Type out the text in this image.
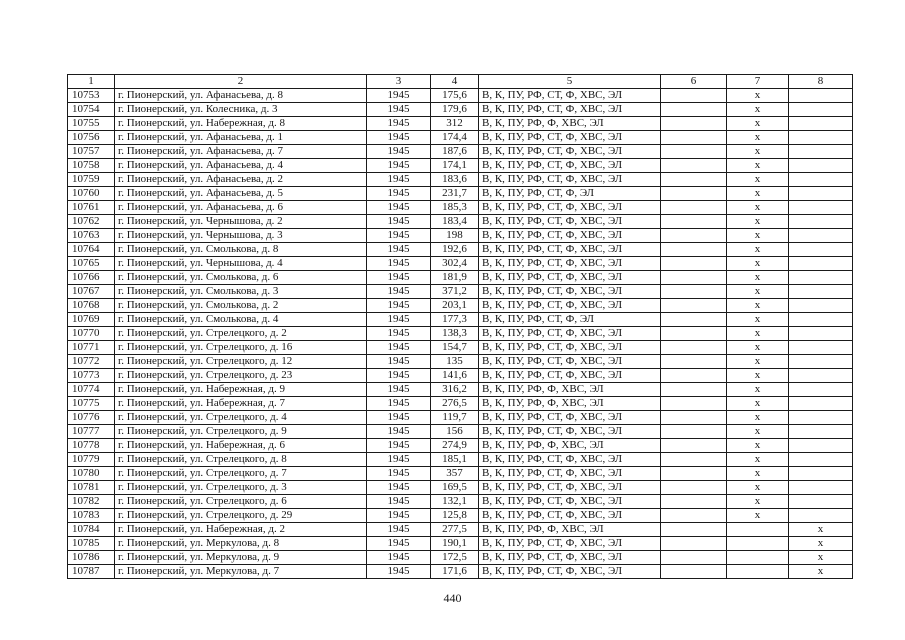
1	2	3	4	5	6	7	8
10753	г. Пионерский, ул. Афанасьева, д. 8	1945	175,6	В, К, ПУ, РФ, СТ, Ф, ХВС, ЭЛ		х	
10754	г. Пионерский, ул. Колесника, д. 3	1945	179,6	В, К, ПУ, РФ, СТ, Ф, ХВС, ЭЛ		х	
10755	г. Пионерский, ул. Набережная, д. 8	1945	312	В, К, ПУ, РФ, Ф, ХВС, ЭЛ		х	
10756	г. Пионерский, ул. Афанасьева, д. 1	1945	174,4	В, К, ПУ, РФ, СТ, Ф, ХВС, ЭЛ		х	
10757	г. Пионерский, ул. Афанасьева, д. 7	1945	187,6	В, К, ПУ, РФ, СТ, Ф, ХВС, ЭЛ		х	
10758	г. Пионерский, ул. Афанасьева, д. 4	1945	174,1	В, К, ПУ, РФ, СТ, Ф, ХВС, ЭЛ		х	
10759	г. Пионерский, ул. Афанасьева, д. 2	1945	183,6	В, К, ПУ, РФ, СТ, Ф, ХВС, ЭЛ		х	
10760	г. Пионерский, ул. Афанасьева, д. 5	1945	231,7	В, К, ПУ, РФ, СТ, Ф, ЭЛ		х	
10761	г. Пионерский, ул. Афанасьева, д. 6	1945	185,3	В, К, ПУ, РФ, СТ, Ф, ХВС, ЭЛ		х	
10762	г. Пионерский, ул. Чернышова, д. 2	1945	183,4	В, К, ПУ, РФ, СТ, Ф, ХВС, ЭЛ		х	
10763	г. Пионерский, ул. Чернышова, д. 3	1945	198	В, К, ПУ, РФ, СТ, Ф, ХВС, ЭЛ		х	
10764	г. Пионерский, ул. Смолькова, д. 8	1945	192,6	В, К, ПУ, РФ, СТ, Ф, ХВС, ЭЛ		х	
10765	г. Пионерский, ул. Чернышова, д. 4	1945	302,4	В, К, ПУ, РФ, СТ, Ф, ХВС, ЭЛ		х	
10766	г. Пионерский, ул. Смолькова, д. 6	1945	181,9	В, К, ПУ, РФ, СТ, Ф, ХВС, ЭЛ		х	
10767	г. Пионерский, ул. Смолькова, д. 3	1945	371,2	В, К, ПУ, РФ, СТ, Ф, ХВС, ЭЛ		х	
10768	г. Пионерский, ул. Смолькова, д. 2	1945	203,1	В, К, ПУ, РФ, СТ, Ф, ХВС, ЭЛ		х	
10769	г. Пионерский, ул. Смолькова, д. 4	1945	177,3	В, К, ПУ, РФ, СТ, Ф, ЭЛ		х	
10770	г. Пионерский, ул. Стрелецкого, д. 2	1945	138,3	В, К, ПУ, РФ, СТ, Ф, ХВС, ЭЛ		х	
10771	г. Пионерский, ул. Стрелецкого, д. 16	1945	154,7	В, К, ПУ, РФ, СТ, Ф, ХВС, ЭЛ		х	
10772	г. Пионерский, ул. Стрелецкого, д. 12	1945	135	В, К, ПУ, РФ, СТ, Ф, ХВС, ЭЛ		х	
10773	г. Пионерский, ул. Стрелецкого, д. 23	1945	141,6	В, К, ПУ, РФ, СТ, Ф, ХВС, ЭЛ		х	
10774	г. Пионерский, ул. Набережная, д. 9	1945	316,2	В, К, ПУ, РФ, Ф, ХВС, ЭЛ		х	
10775	г. Пионерский, ул. Набережная, д. 7	1945	276,5	В, К, ПУ, РФ, Ф, ХВС, ЭЛ		х	
10776	г. Пионерский, ул. Стрелецкого, д. 4	1945	119,7	В, К, ПУ, РФ, СТ, Ф, ХВС, ЭЛ		х	
10777	г. Пионерский, ул. Стрелецкого, д. 9	1945	156	В, К, ПУ, РФ, СТ, Ф, ХВС, ЭЛ		х	
10778	г. Пионерский, ул. Набережная, д. 6	1945	274,9	В, К, ПУ, РФ, Ф, ХВС, ЭЛ		х	
10779	г. Пионерский, ул. Стрелецкого, д. 8	1945	185,1	В, К, ПУ, РФ, СТ, Ф, ХВС, ЭЛ		х	
10780	г. Пионерский, ул. Стрелецкого, д. 7	1945	357	В, К, ПУ, РФ, СТ, Ф, ХВС, ЭЛ		х	
10781	г. Пионерский, ул. Стрелецкого, д. 3	1945	169,5	В, К, ПУ, РФ, СТ, Ф, ХВС, ЭЛ		х	
10782	г. Пионерский, ул. Стрелецкого, д. 6	1945	132,1	В, К, ПУ, РФ, СТ, Ф, ХВС, ЭЛ		х	
10783	г. Пионерский, ул. Стрелецкого, д. 29	1945	125,8	В, К, ПУ, РФ, СТ, Ф, ХВС, ЭЛ		х	
10784	г. Пионерский, ул. Набережная, д. 2	1945	277,5	В, К, ПУ, РФ, Ф, ХВС, ЭЛ			х
10785	г. Пионерский, ул. Меркулова, д. 8	1945	190,1	В, К, ПУ, РФ, СТ, Ф, ХВС, ЭЛ			х
10786	г. Пионерский, ул. Меркулова, д. 9	1945	172,5	В, К, ПУ, РФ, СТ, Ф, ХВС, ЭЛ			х
10787	г. Пионерский, ул. Меркулова, д. 7	1945	171,6	В, К, ПУ, РФ, СТ, Ф, ХВС, ЭЛ			х
440
